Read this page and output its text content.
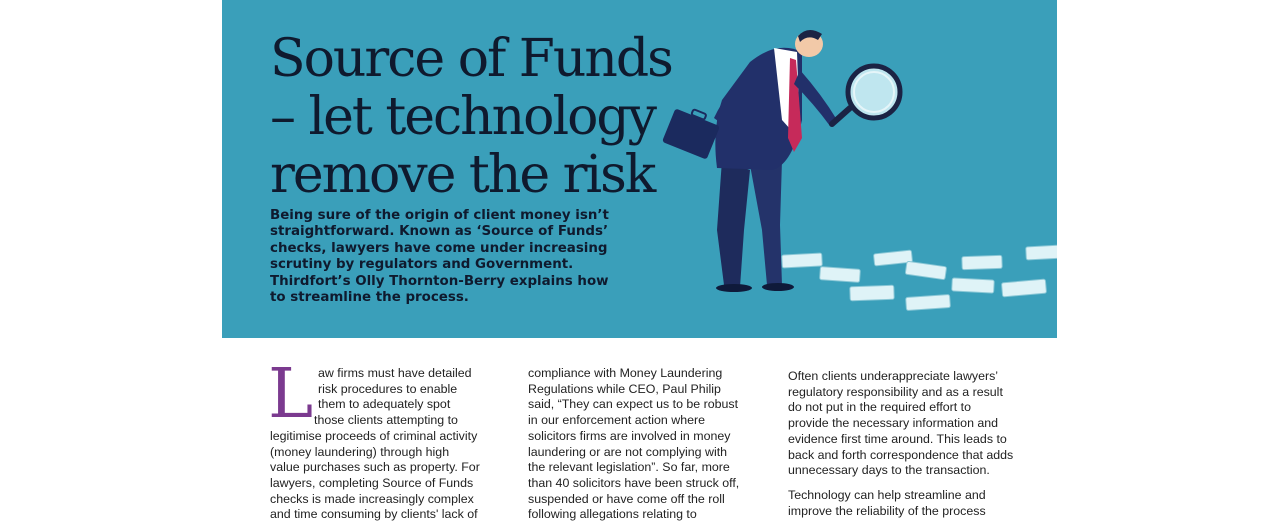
Source of Funds
– let technology
remove the risk

Being sure of the origin of client money isn’t
straightforward. Known as ‘Source of Funds’
checks, lawyers have come under increasing
scrutiny by regulators and Government.
Thirdfort’s Olly Thornton-Berry explains how
to streamline the process.

L aw firms must have detailed
risk procedures to enable
them to adequately spot
those clients attempting to
legitimise proceeds of criminal activity
(money laundering) through high
value purchases such as property. For
lawyers, completing Source of Funds
checks is made increasingly complex
and time consuming by clients' lack of
compliance with Money Laundering
Regulations while CEO, Paul Philip
said, “They can expect us to be robust
in our enforcement action where
solicitors firms are involved in money
laundering or are not complying with
the relevant legislation”. So far, more
than 40 solicitors have been struck off,
suspended or have come off the roll
following allegations relating to
Often clients underappreciate lawyers’
regulatory responsibility and as a result
do not put in the required effort to
provide the necessary information and
evidence first time around. This leads to
back and forth correspondence that adds
unnecessary days to the transaction.
Technology can help streamline and
improve the reliability of the process
